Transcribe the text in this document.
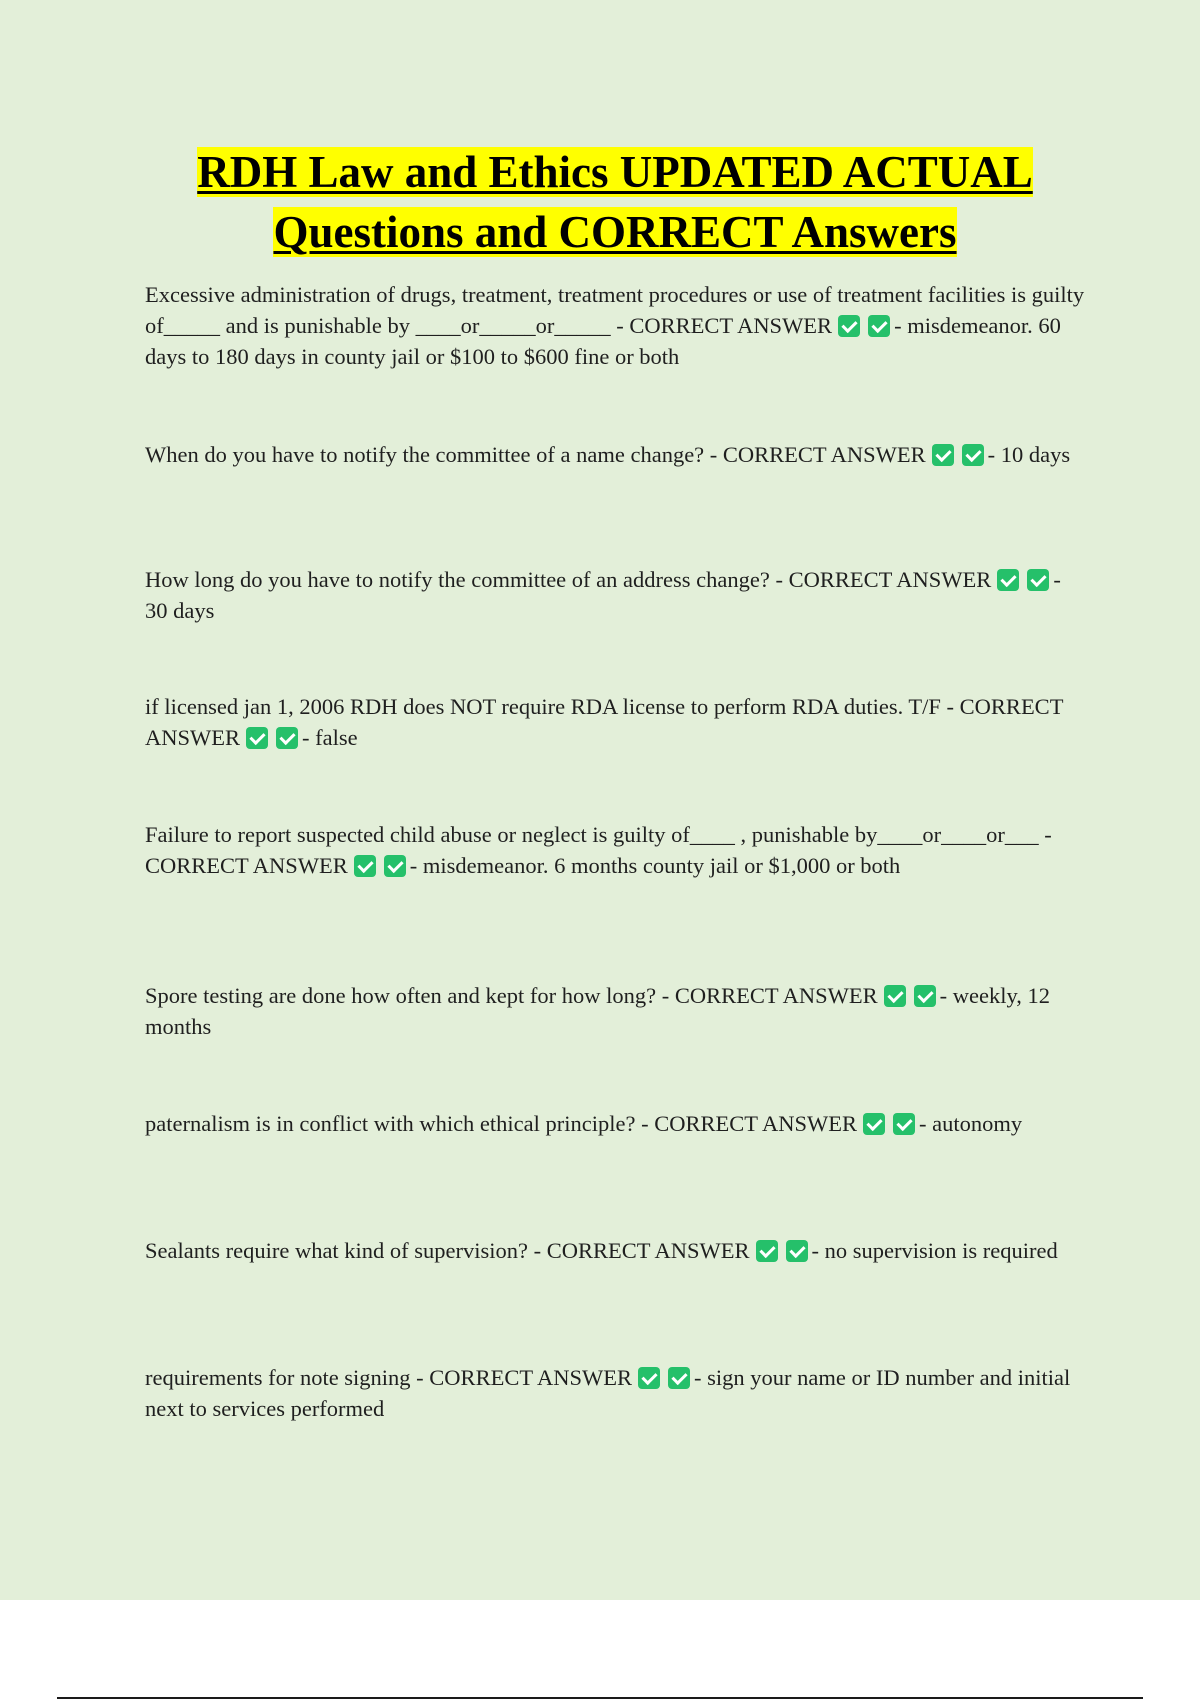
RDH Law and Ethics UPDATED ACTUAL
Questions and CORRECT Answers
Excessive administration of drugs, treatment, treatment procedures or use of treatment facilities is guilty of_____ and is punishable by ____or_____or_____ - CORRECT ANSWER	- misdemeanor. 60 days to 180 days in county jail or $100 to $600 fine or both
When do you have to notify the committee of a name change? - CORRECT ANSWER	- 10 days
How long do you have to notify the committee of an address change? - CORRECT ANSWER	- 30 days
if licensed jan 1, 2006 RDH does NOT require RDA license to perform RDA duties. T/F - CORRECT ANSWER	- false
Failure to report suspected child abuse or neglect is guilty of____ , punishable by____or____or___ - CORRECT ANSWER	- misdemeanor. 6 months county jail or $1,000 or both
Spore testing are done how often and kept for how long? - CORRECT ANSWER	- weekly, 12 months
paternalism is in conflict with which ethical principle? - CORRECT ANSWER	- autonomy
Sealants require what kind of supervision? - CORRECT ANSWER	- no supervision is required
requirements for note signing - CORRECT ANSWER	- sign your name or ID number and initial next to services performed
